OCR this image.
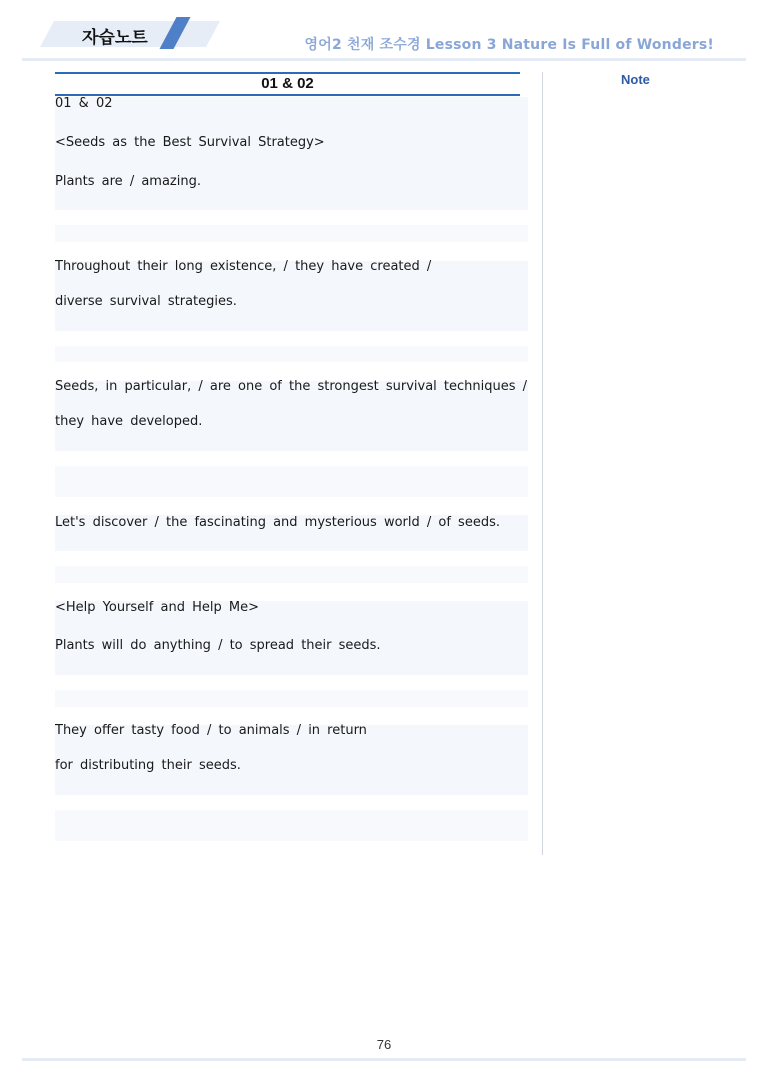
자습노트	영어2 천재 조수경 Lesson 3 Nature Is Full of Wonders!
01 & 02	Note
01 & 02
<Seeds as the Best Survival Strategy>
Plants are / amazing.
Throughout their long existence, / they have created /
diverse survival strategies.
Seeds, in particular, / are one of the strongest survival techniques /
they have developed.
Let's discover / the fascinating and mysterious world / of seeds.
<Help Yourself and Help Me>
Plants will do anything / to spread their seeds.
They offer tasty food / to animals / in return
for distributing their seeds.
76
